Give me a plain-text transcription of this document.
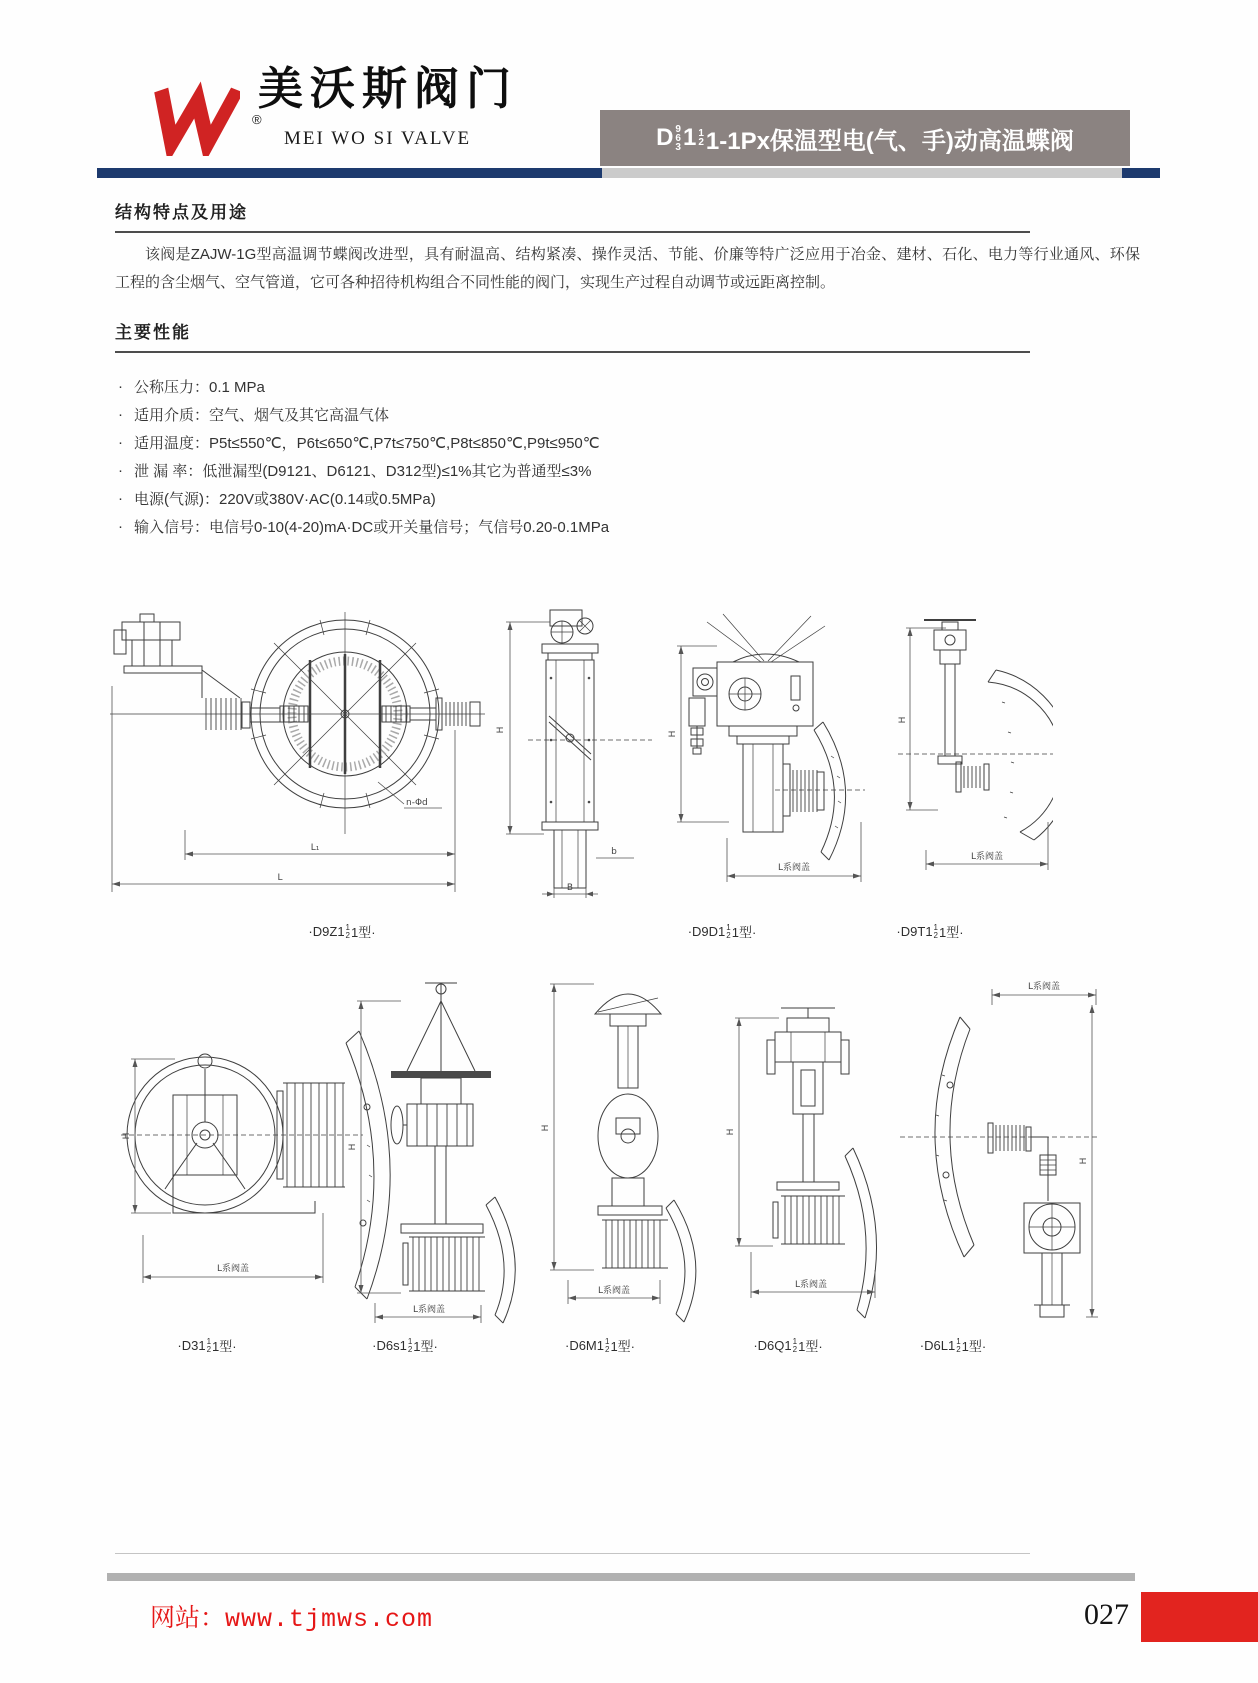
®
美沃斯阀门
MEI WO SI VALVE	D 9
6
3 1 1
2 1-1Px保温型电(气、手)动高温蝶阀
结构特点及用途
该阀是ZAJW-1G型高温调节蝶阀改进型，具有耐温高、结构紧凑、操作灵活、节能、价廉等特广泛应用于冶金、建材、石化、电力等行业通风、环保工程的含尘烟气、空气管道，它可各种招待机构组合不同性能的阀门，实现生产过程自动调节或远距离控制。
主要性能
· 公称压力：0.1 MPa
· 适用介质：空气、烟气及其它高温气体
· 适用温度：P5t≤550℃，P6t≤650℃,P7t≤750℃,P8t≤850℃,P9t≤950℃
· 泄 漏 率：低泄漏型(D9121、D6121、D312型)≤1%其它为普通型≤3%
· 电源(气源)：220V或380V·AC(0.14或0.5MPa)
· 输入信号：电信号0-10(4-20)mA·DC或开关量信号；气信号0.20-0.1MPa
n-Φd
L₁
L
H
b
B
H
L系阀盖
H
L系阀盖
·D9Z1 1
2 1型·	·D9D1 1
2 1型·	·D9T1 1
2 1型·
H
L系阀盖
H
L系阀盖
H
L系阀盖
H
L系阀盖
L系阀盖
H
·D31 1
2 1型·	·D6s1 1
2 1型·	·D6M1 1
2 1型·	·D6Q1 1
2 1型·	·D6L1 1
2 1型·
网站：www.tjmws.com	027
